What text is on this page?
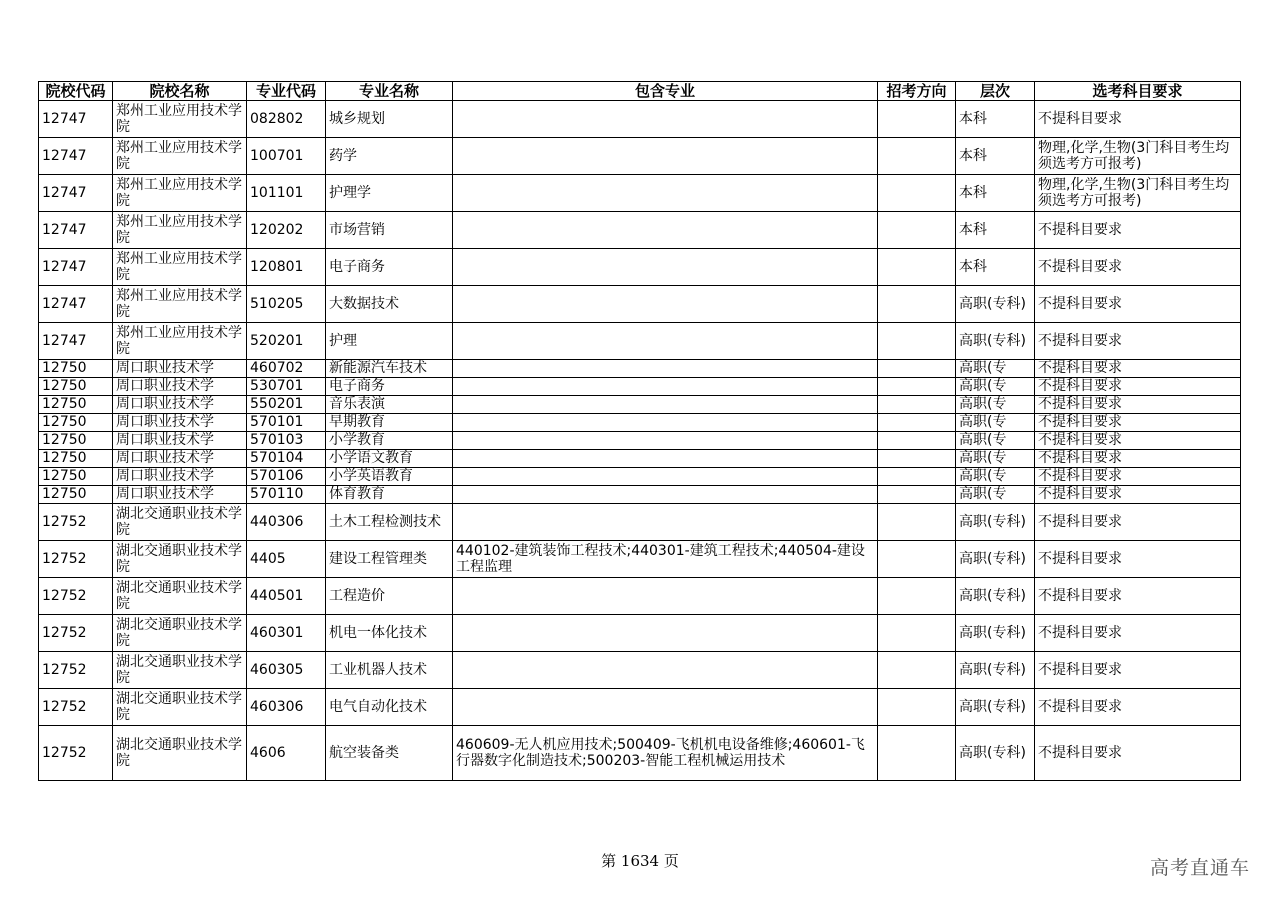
院校代码	院校名称	专业代码	专业名称	包含专业	招考方向	层次	选考科目要求
12747	郑州工业应用技术学院	082802	城乡规划			本科	不提科目要求
12747	郑州工业应用技术学院	100701	药学			本科	物理,化学,生物(3门科目考生均须选考方可报考)
12747	郑州工业应用技术学院	101101	护理学			本科	物理,化学,生物(3门科目考生均须选考方可报考)
12747	郑州工业应用技术学院	120202	市场营销			本科	不提科目要求
12747	郑州工业应用技术学院	120801	电子商务			本科	不提科目要求
12747	郑州工业应用技术学院	510205	大数据技术			高职(专科)	不提科目要求
12747	郑州工业应用技术学院	520201	护理			高职(专科)	不提科目要求
12750	周口职业技术学	460702	新能源汽车技术			高职(专	不提科目要求
12750	周口职业技术学	530701	电子商务			高职(专	不提科目要求
12750	周口职业技术学	550201	音乐表演			高职(专	不提科目要求
12750	周口职业技术学	570101	早期教育			高职(专	不提科目要求
12750	周口职业技术学	570103	小学教育			高职(专	不提科目要求
12750	周口职业技术学	570104	小学语文教育			高职(专	不提科目要求
12750	周口职业技术学	570106	小学英语教育			高职(专	不提科目要求
12750	周口职业技术学	570110	体育教育			高职(专	不提科目要求
12752	湖北交通职业技术学院	440306	土木工程检测技术			高职(专科)	不提科目要求
12752	湖北交通职业技术学院	4405	建设工程管理类	440102-建筑装饰工程技术;440301-建筑工程技术;440504-建设工程监理		高职(专科)	不提科目要求
12752	湖北交通职业技术学院	440501	工程造价			高职(专科)	不提科目要求
12752	湖北交通职业技术学院	460301	机电一体化技术			高职(专科)	不提科目要求
12752	湖北交通职业技术学院	460305	工业机器人技术			高职(专科)	不提科目要求
12752	湖北交通职业技术学院	460306	电气自动化技术			高职(专科)	不提科目要求
12752	湖北交通职业技术学院	4606	航空装备类	460609-无人机应用技术;500409-飞机机电设备维修;460601-飞行器数字化制造技术;500203-智能工程机械运用技术		高职(专科)	不提科目要求
第 1634 页	高考直通车
